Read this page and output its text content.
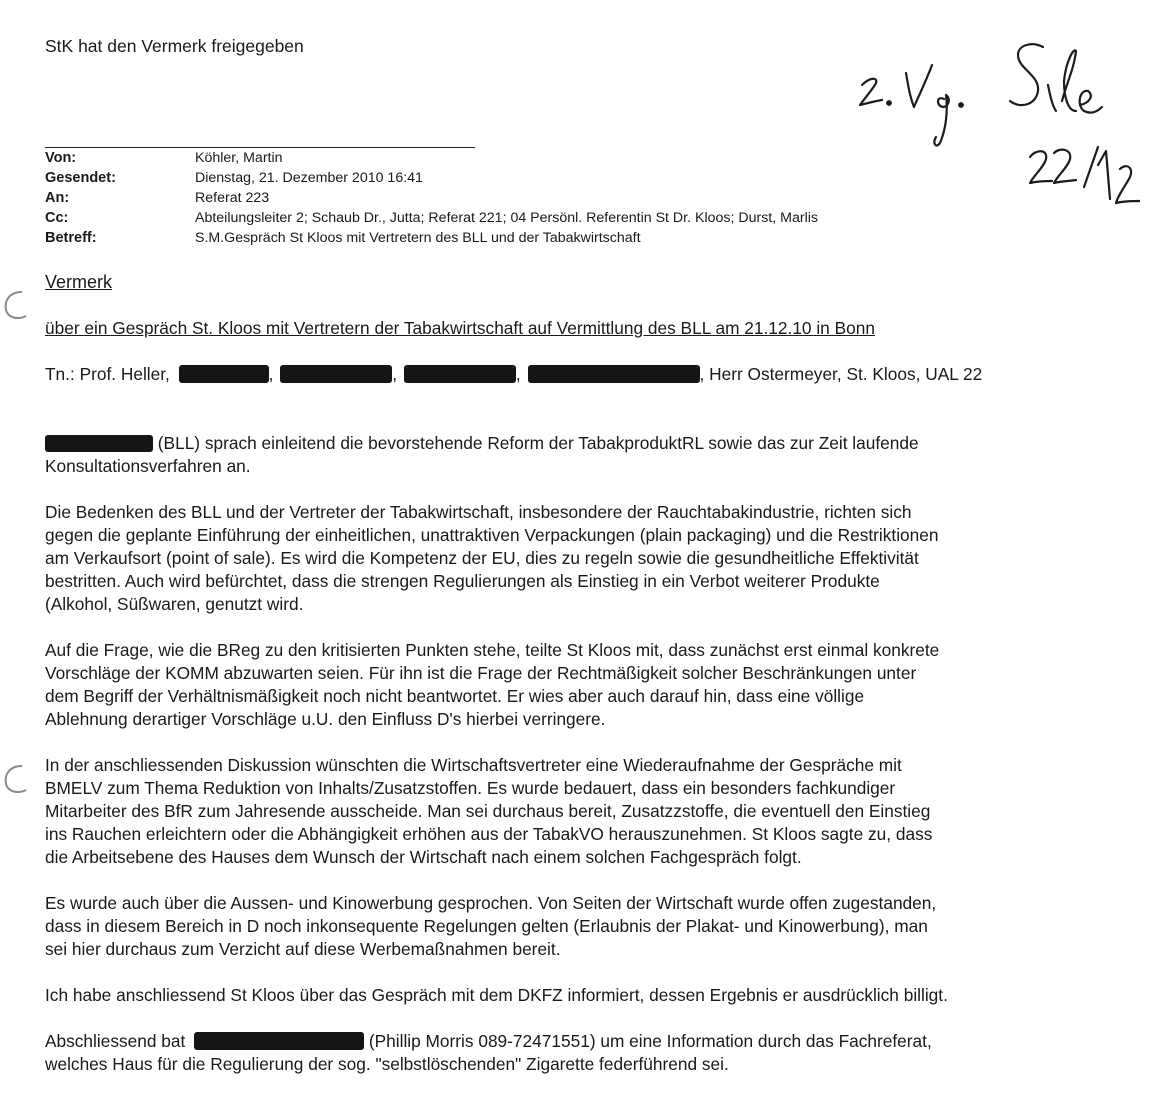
StK hat den Vermerk freigegeben
Von:	Köhler, Martin
Gesendet:	Dienstag, 21. Dezember 2010 16:41
An:	Referat 223
Cc:	Abteilungsleiter 2; Schaub Dr., Jutta; Referat 221; 04 Persönl. Referentin St Dr. Kloos; Durst, Marlis
Betreff:	S.M.Gespräch St Kloos mit Vertretern des BLL und der Tabakwirtschaft
Vermerk
über ein Gespräch St. Kloos mit Vertretern der Tabakwirtschaft auf Vermittlung des BLL am 21.12.10 in Bonn
Tn.: Prof. Heller,	,	,	,	, Herr Ostermeyer, St. Kloos, UAL 22
(BLL) sprach einleitend die bevorstehende Reform der TabakproduktRL sowie das zur Zeit laufende
Konsultationsverfahren an.
Die Bedenken des BLL und der Vertreter der Tabakwirtschaft, insbesondere der Rauchtabakindustrie, richten sich
gegen die geplante Einführung der einheitlichen, unattraktiven Verpackungen (plain packaging) und die Restriktionen
am Verkaufsort (point of sale). Es wird die Kompetenz der EU, dies zu regeln sowie die gesundheitliche Effektivität
bestritten. Auch wird befürchtet, dass die strengen Regulierungen als Einstieg in ein Verbot weiterer Produkte
(Alkohol, Süßwaren, genutzt wird.
Auf die Frage, wie die BReg zu den kritisierten Punkten stehe, teilte St Kloos mit, dass zunächst erst einmal konkrete
Vorschläge der KOMM abzuwarten seien. Für ihn ist die Frage der Rechtmäßigkeit solcher Beschränkungen unter
dem Begriff der Verhältnismäßigkeit noch nicht beantwortet. Er wies aber auch darauf hin, dass eine völlige
Ablehnung derartiger Vorschläge u.U. den Einfluss D's hierbei verringere.
In der anschliessenden Diskussion wünschten die Wirtschaftsvertreter eine Wiederaufnahme der Gespräche mit
BMELV zum Thema Reduktion von Inhalts/Zusatzstoffen. Es wurde bedauert, dass ein besonders fachkundiger
Mitarbeiter des BfR zum Jahresende ausscheide. Man sei durchaus bereit, Zusatzzstoffe, die eventuell den Einstieg
ins Rauchen erleichtern oder die Abhängigkeit erhöhen aus der TabakVO herauszunehmen. St Kloos sagte zu, dass
die Arbeitsebene des Hauses dem Wunsch der Wirtschaft nach einem solchen Fachgespräch folgt.
Es wurde auch über die Aussen- und Kinowerbung gesprochen. Von Seiten der Wirtschaft wurde offen zugestanden,
dass in diesem Bereich in D noch inkonsequente Regelungen gelten (Erlaubnis der Plakat- und Kinowerbung), man
sei hier durchaus zum Verzicht auf diese Werbemaßnahmen bereit.
Ich habe anschliessend St Kloos über das Gespräch mit dem DKFZ informiert, dessen Ergebnis er ausdrücklich billigt.
Abschliessend bat	(Phillip Morris 089-72471551) um eine Information durch das Fachreferat,
welches Haus für die Regulierung der sog. "selbstlöschenden" Zigarette federführend sei.
